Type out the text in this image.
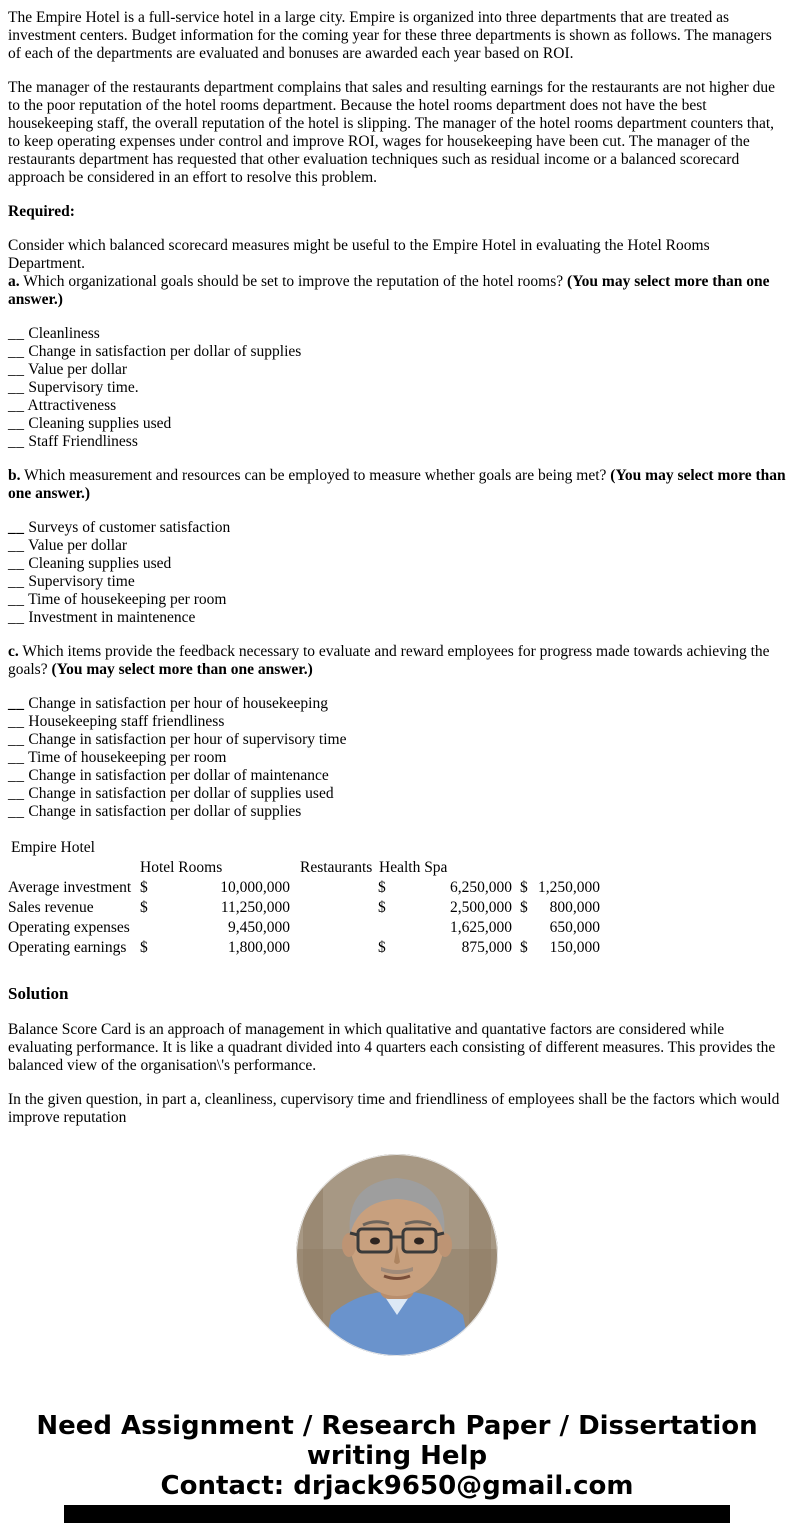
The Empire Hotel is a full-service hotel in a large city. Empire is organized into three departments that are treated as investment centers. Budget information for the coming year for these three departments is shown as follows. The managers of each of the departments are evaluated and bonuses are awarded each year based on ROI.

The manager of the restaurants department complains that sales and resulting earnings for the restaurants are not higher due to the poor reputation of the hotel rooms department. Because the hotel rooms department does not have the best housekeeping staff, the overall reputation of the hotel is slipping. The manager of the hotel rooms department counters that, to keep operating expenses under control and improve ROI, wages for housekeeping have been cut. The manager of the restaurants department has requested that other evaluation techniques such as residual income or a balanced scorecard approach be considered in an effort to resolve this problem.

Required:
Consider which balanced scorecard measures might be useful to the Empire Hotel in evaluating the Hotel Rooms Department.
a. Which organizational goals should be set to improve the reputation of the hotel rooms? (You may select more than one answer.)
__ Cleanliness
__ Change in satisfaction per dollar of supplies
__ Value per dollar
__ Supervisory time.
__ Attractiveness
__ Cleaning supplies used
__ Staff Friendliness
b. Which measurement and resources can be employed to measure whether goals are being met? (You may select more than one answer.)
__ Surveys of customer satisfaction
__ Value per dollar
__ Cleaning supplies used
__ Supervisory time
__ Time of housekeeping per room
__ Investment in maintenence
c. Which items provide the feedback necessary to evaluate and reward employees for progress made towards achieving the goals? (You may select more than one answer.)
__ Change in satisfaction per hour of housekeeping
__ Housekeeping staff friendliness
__ Change in satisfaction per hour of supervisory time
__ Time of housekeeping per room
__ Change in satisfaction per dollar of maintenance
__ Change in satisfaction per dollar of supplies used
__ Change in satisfaction per dollar of supplies
Empire Hotel
Hotel Rooms	Restaurants Health Spa
Average investment $	10,000,000	$	6,250,000 $ 1,250,000
Sales revenue	$	11,250,000	$	2,500,000 $ 800,000
Operating expenses	9,450,000	1,625,000 650,000
Operating earnings $	1,800,000	$	875,000 $ 150,000
Solution

Balance Score Card is an approach of management in which qualitative and quantative factors are considered while evaluating performance. It is like a quadrant divided into 4 quarters each consisting of different measures. This provides the balanced view of the organisation\'s performance.

In the given question, in part a, cleanliness, cupervisory time and friendliness of employees shall be the factors which would improve reputation

Need Assignment / Research Paper / Dissertation writing Help
Contact: drjack9650@gmail.com
